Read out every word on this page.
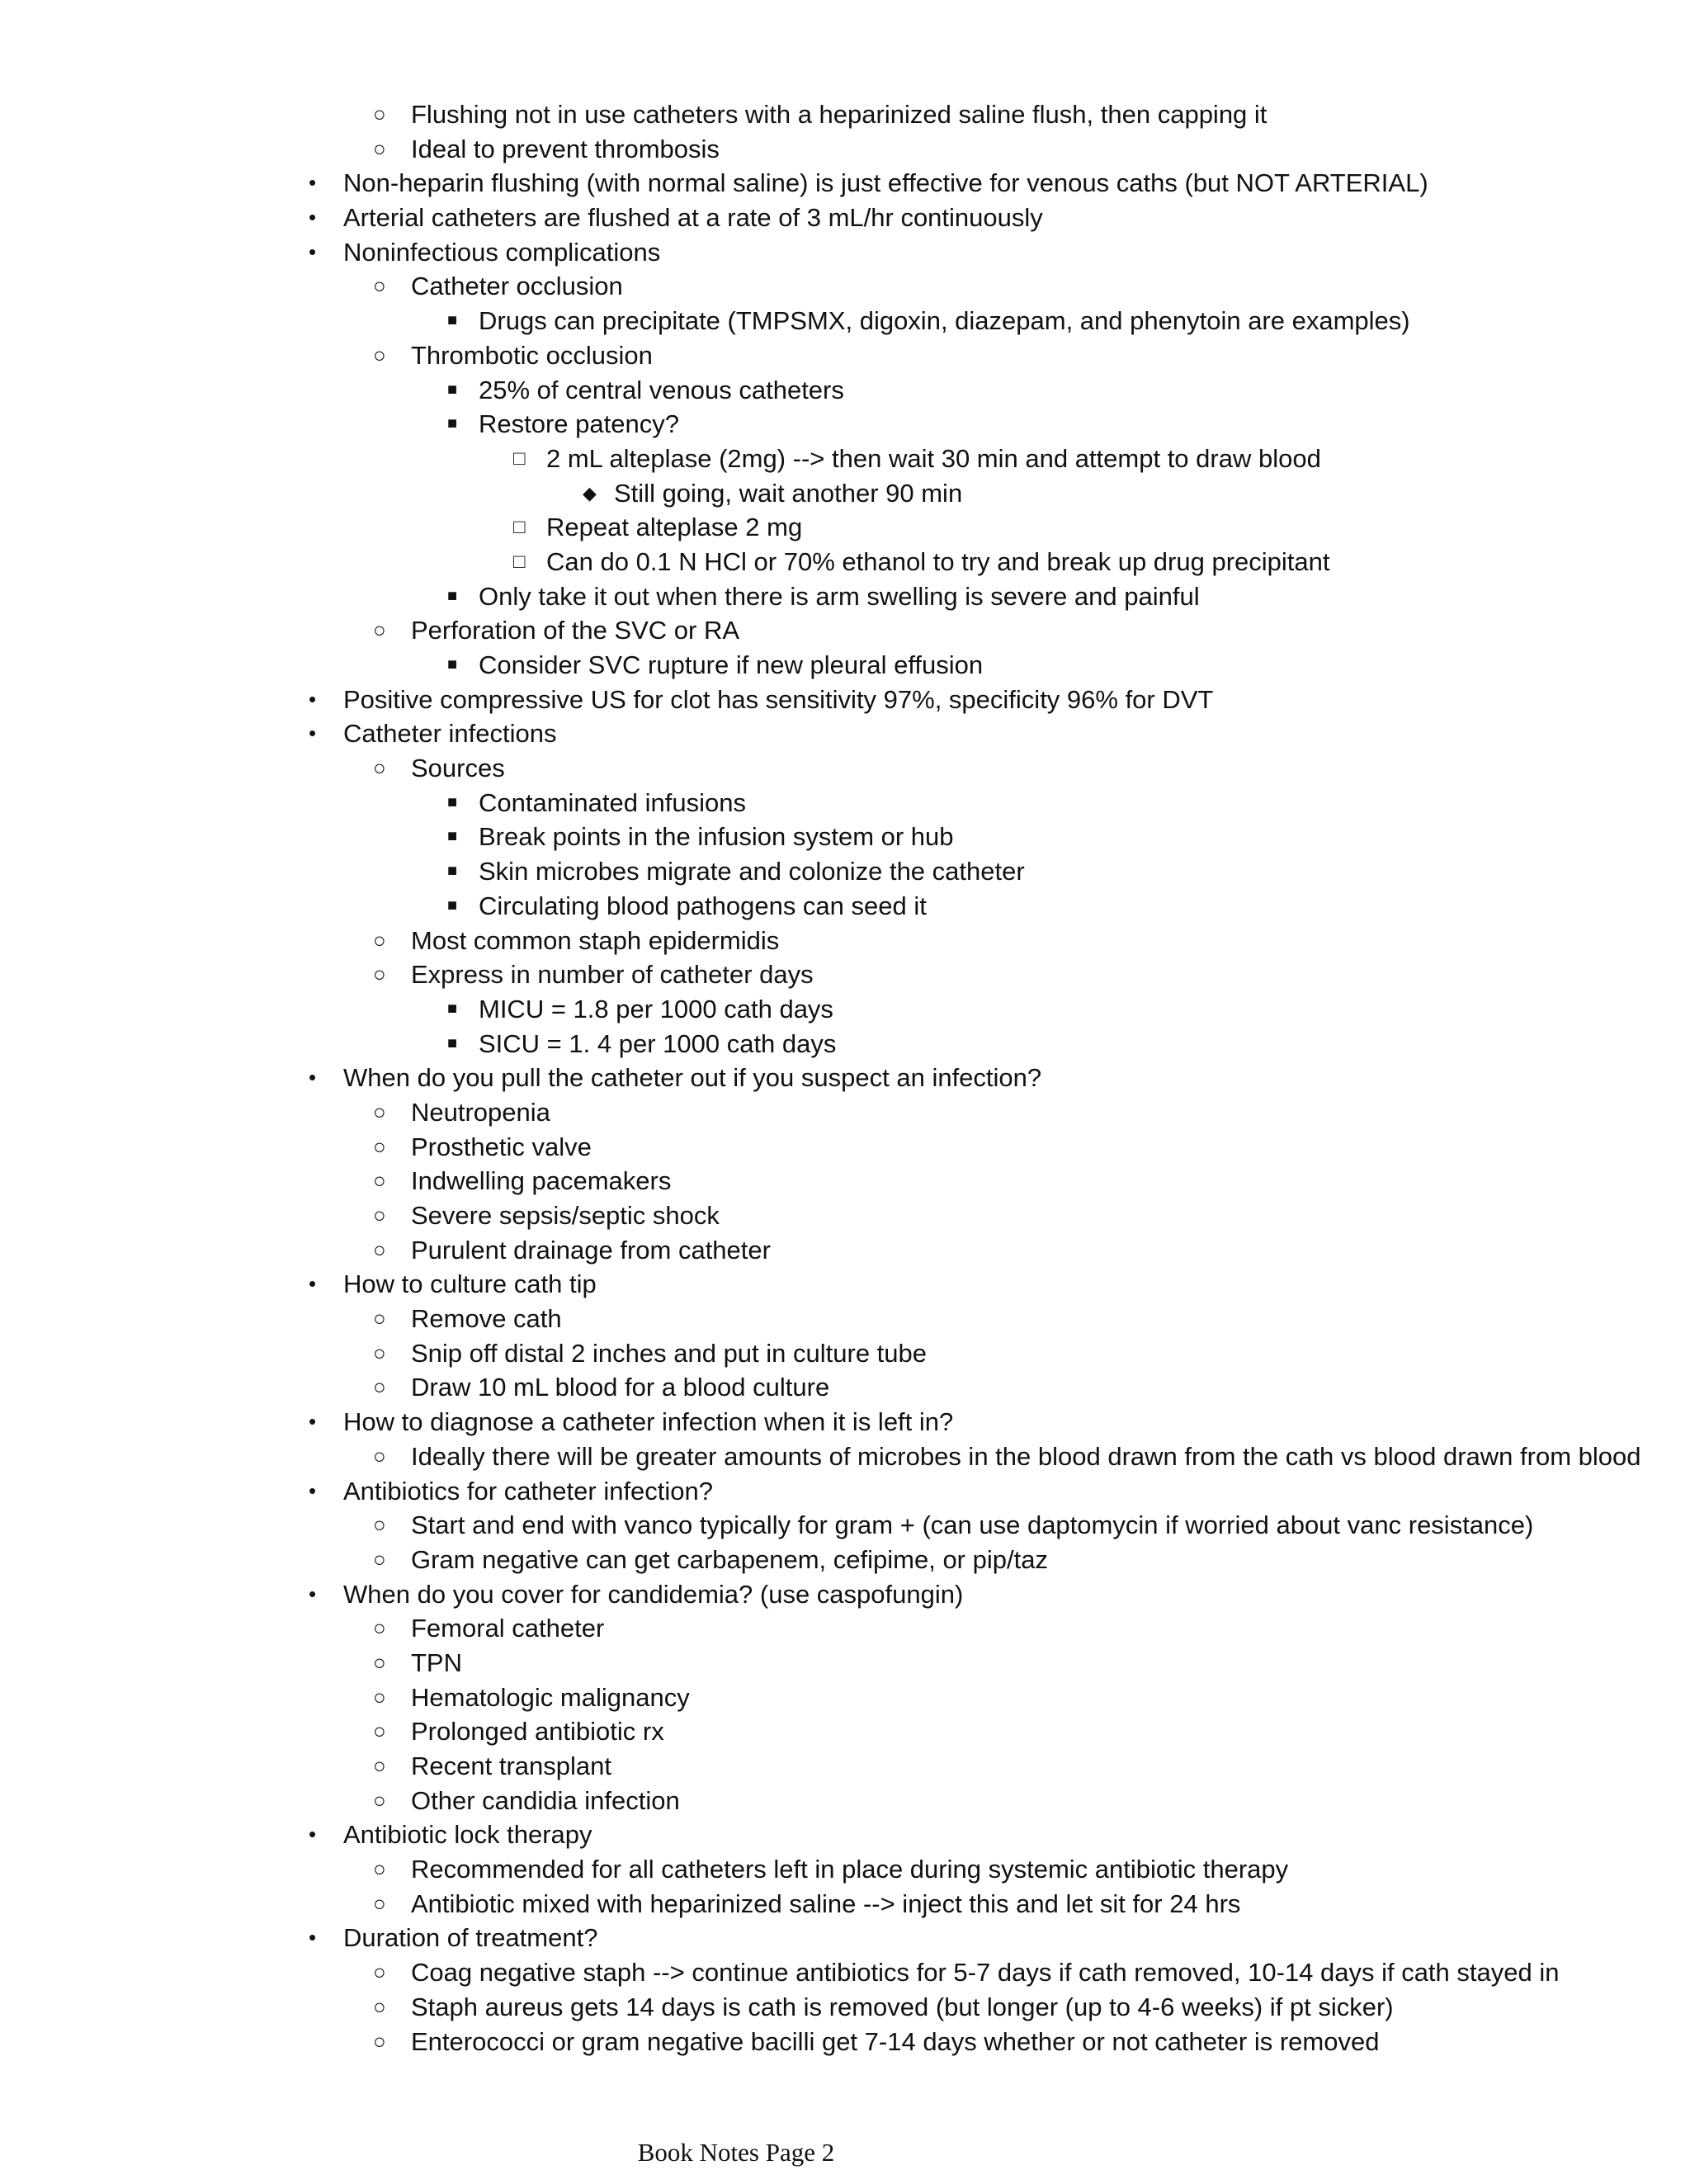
○ Flushing not in use catheters with a heparinized saline flush, then capping it
○ Ideal to prevent thrombosis
• Non-heparin flushing (with normal saline) is just effective for venous caths (but NOT ARTERIAL)
• Arterial catheters are flushed at a rate of 3 mL/hr continuously
• Noninfectious complications
○ Catheter occlusion
■ Drugs can precipitate (TMPSMX, digoxin, diazepam, and phenytoin are examples)
○ Thrombotic occlusion
■ 25% of central venous catheters
■ Restore patency?
□ 2 mL alteplase (2mg) --> then wait 30 min and attempt to draw blood
◆ Still going, wait another 90 min
□ Repeat alteplase 2 mg
□ Can do 0.1 N HCl or 70% ethanol to try and break up drug precipitant
■ Only take it out when there is arm swelling is severe and painful
○ Perforation of the SVC or RA
■ Consider SVC rupture if new pleural effusion
• Positive compressive US for clot has sensitivity 97%, specificity 96% for DVT
• Catheter infections
○ Sources
■ Contaminated infusions
■ Break points in the infusion system or hub
■ Skin microbes migrate and colonize the catheter
■ Circulating blood pathogens can seed it
○ Most common staph epidermidis
○ Express in number of catheter days
■ MICU = 1.8 per 1000 cath days
■ SICU = 1. 4 per 1000 cath days
• When do you pull the catheter out if you suspect an infection?
○ Neutropenia
○ Prosthetic valve
○ Indwelling pacemakers
○ Severe sepsis/septic shock
○ Purulent drainage from catheter
• How to culture cath tip
○ Remove cath
○ Snip off distal 2 inches and put in culture tube
○ Draw 10 mL blood for a blood culture
• How to diagnose a catheter infection when it is left in?
○ Ideally there will be greater amounts of microbes in the blood drawn from the cath vs blood drawn from blood
• Antibiotics for catheter infection?
○ Start and end with vanco typically for gram + (can use daptomycin if worried about vanc resistance)
○ Gram negative can get carbapenem, cefipime, or pip/taz
• When do you cover for candidemia? (use caspofungin)
○ Femoral catheter
○ TPN
○ Hematologic malignancy
○ Prolonged antibiotic rx
○ Recent transplant
○ Other candidia infection
• Antibiotic lock therapy
○ Recommended for all catheters left in place during systemic antibiotic therapy
○ Antibiotic mixed with heparinized saline --> inject this and let sit for 24 hrs
• Duration of treatment?
○ Coag negative staph --> continue antibiotics for 5-7 days if cath removed, 10-14 days if cath stayed in
○ Staph aureus gets 14 days is cath is removed (but longer (up to 4-6 weeks) if pt sicker)
○ Enterococci or gram negative bacilli get 7-14 days whether or not catheter is removed
Book Notes Page 2
